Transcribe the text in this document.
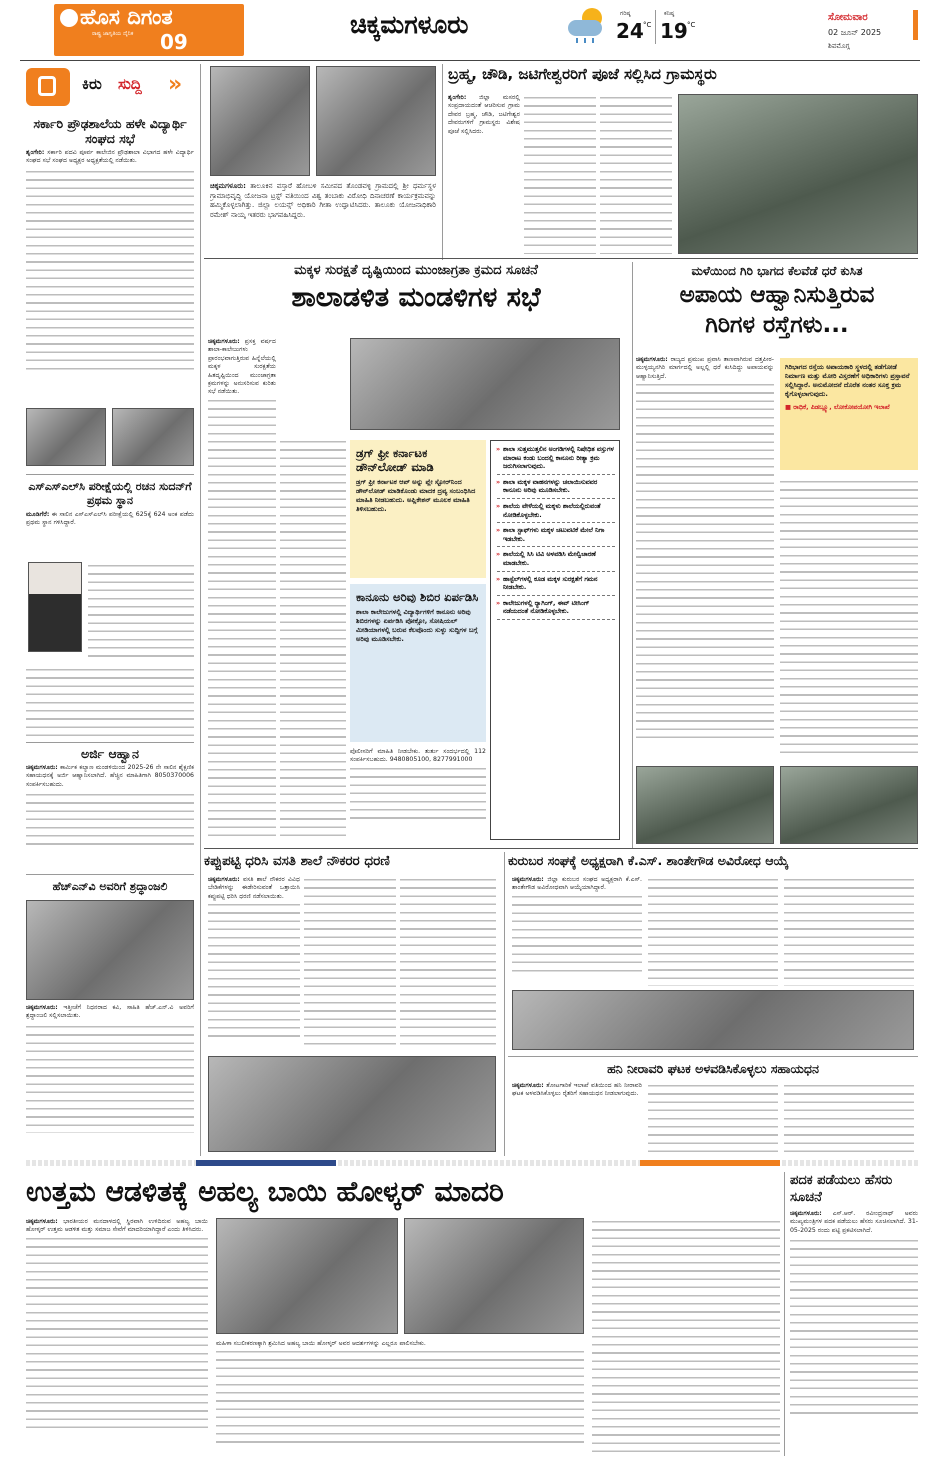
ಹೊಸ ದಿಗಂತ
ರಾಷ್ಟ್ರ ಜಾಗೃತಿಯ ದೈನಿಕ 09
ಚಿಕ್ಕಮಗಳೂರು	ಗರಿಷ್ಠ
24 °C
ಕನಿಷ್ಠ
19 °C
ಸೋಮವಾರ
02 ಜೂನ್ 2025
ಶಿವಮೊಗ್ಗ
ಕಿರು ಸುದ್ದಿ »
ಸರ್ಕಾರಿ ಪ್ರೌಢಶಾಲೆಯ ಹಳೇ ವಿದ್ಯಾರ್ಥಿ ಸಂಘದ ಸಭೆ
ಶೃಂಗೇರಿ: ಸರ್ಕಾರಿ ಪದವಿ ಪೂರ್ವ ಕಾಲೇಜಿನ ಪ್ರೌಢಶಾಲಾ ವಿಭಾಗದ ಹಳೇ ವಿದ್ಯಾರ್ಥಿ ಸಂಘದ ಸಭೆ ಸಂಘದ ಅಧ್ಯಕ್ಷರ ಅಧ್ಯಕ್ಷತೆಯಲ್ಲಿ ನಡೆಯಿತು.
ಎಸ್‌ಎಸ್‌ಎಲ್‌ಸಿ ಪರೀಕ್ಷೆಯಲ್ಲಿ ರಚನ ಸುದನ್‌ಗೆ ಪ್ರಥಮ ಸ್ಥಾನ
ಮೂಡಿಗೆರೆ: ಈ ಸಾಲಿನ ಎಸ್‌ಎಸ್‌ಎಲ್‌ಸಿ ಪರೀಕ್ಷೆಯಲ್ಲಿ 625ಕ್ಕೆ 624 ಅಂಕ ಪಡೆದು ಪ್ರಥಮ ಸ್ಥಾನ ಗಳಿಸಿದ್ದಾರೆ.
ಅರ್ಜಿ ಆಹ್ವಾನ
ಚಿಕ್ಕಮಗಳೂರು: ಕಾರ್ಮಿಕ ಕಲ್ಯಾಣ ಮಂಡಳಿಯಿಂದ 2025-26 ನೇ ಸಾಲಿನ ಶೈಕ್ಷಣಿಕ ಸಹಾಯಧನಕ್ಕೆ ಅರ್ಜಿ ಆಹ್ವಾನಿಸಲಾಗಿದೆ. ಹೆಚ್ಚಿನ ಮಾಹಿತಿಗಾಗಿ 8050370006 ಸಂಪರ್ಕಿಸಬಹುದು.
ಹೆಚ್‌ಎನ್‌ವಿ ಅವರಿಗೆ ಶ್ರದ್ಧಾಂಜಲಿ
ಚಿಕ್ಕಮಗಳೂರು: ಇತ್ತೀಚೆಗೆ ನಿಧನರಾದ ಕವಿ, ಸಾಹಿತಿ ಹೆಚ್.ಎನ್.ವಿ ಅವರಿಗೆ ಶ್ರದ್ಧಾಂಜಲಿ ಸಲ್ಲಿಸಲಾಯಿತು.
ಚಿಕ್ಕಮಗಳೂರು: ತಾಲೂಕಿನ ವಸ್ತಾರೆ ಹೋಬಳಿ ಸಮೀಪದ ತೊಂಡವಳ್ಳಿ ಗ್ರಾಮದಲ್ಲಿ ಶ್ರೀ ಧರ್ಮಸ್ಥಳ ಗ್ರಾಮಾಭಿವೃದ್ಧಿ ಯೋಜನಾ ಟ್ರಸ್ಟ್ ವತಿಯಿಂದ ವಿಶ್ವ ತಂಬಾಕು ವಿರೋಧಿ ದಿನಾಚರಣೆ ಕಾರ್ಯಕ್ರಮವನ್ನು ಹಮ್ಮಿಕೊಳ್ಳಲಾಗಿತ್ತು. ಜಿಲ್ಲಾ ಲಯನ್ಸ್ ಅಧಿಕಾರಿ ಗೀತಾ ಉದ್ಘಾಟಿಸಿದರು. ತಾಲೂಕು ಯೋಜನಾಧಿಕಾರಿ ರಮೇಶ್ ನಾಯ್ಕ ಇತರರು ಭಾಗವಹಿಸಿದ್ದರು.
ಬ್ರಹ್ಮ, ಚೌಡಿ, ಜಟಿಗೇಶ್ವರರಿಗೆ ಪೂಜೆ ಸಲ್ಲಿಸಿದ ಗ್ರಾಮಸ್ಥರು
ಶೃಂಗೇರಿ: ಜಿಲ್ಲಾ ಮಸರಲ್ಲಿ ಸಂಪ್ರದಾಯದಂತೆ ಆಚರಿಸುವ ಗ್ರಾಮ ದೇವರ ಬ್ರಹ್ಮ, ಚೌಡಿ, ಜಟಿಗೇಶ್ವರ ದೇವರುಗಳಿಗೆ ಗ್ರಾಮಸ್ಥರು ವಿಶೇಷ ಪೂಜೆ ಸಲ್ಲಿಸಿದರು.
ಮಕ್ಕಳ ಸುರಕ್ಷತೆ ದೃಷ್ಟಿಯಿಂದ ಮುಂಜಾಗ್ರತಾ ಕ್ರಮದ ಸೂಚನೆ
ಶಾಲಾಡಳಿತ ಮಂಡಳಿಗಳ ಸಭೆ
ಚಿಕ್ಕಮಗಳೂರು: ಪ್ರಸಕ್ತ ವರ್ಷದ ಶಾಲಾ-ಕಾಲೇಜುಗಳು ಪ್ರಾರಂಭವಾಗುತ್ತಿರುವ ಹಿನ್ನೆಲೆಯಲ್ಲಿ ಮಕ್ಕಳ ಸುರಕ್ಷತೆಯ ಹಿತದೃಷ್ಟಿಯಿಂದ ಮುಂಜಾಗ್ರತಾ ಕ್ರಮಗಳನ್ನು ಅನುಸರಿಸುವ ಕುರಿತು ಸಭೆ ನಡೆಯಿತು.
ಡ್ರಗ್ ಫ್ರೀ ಕರ್ನಾಟಕ ಡೌನ್‌ಲೋಡ್ ಮಾಡಿ
ಡ್ರಗ್ ಫ್ರೀ ಕರ್ನಾಟಕ ಆಪ್ ಅನ್ನು ಪ್ಲೇ ಸ್ಟೋರ್‌ನಿಂದ ಡೌನ್‌ಲೋಡ್ ಮಾಡಿಕೊಂಡು ಮಾದಕ ದ್ರವ್ಯ ಸಂಬಂಧಿಸಿದ ಮಾಹಿತಿ ನೀಡಬಹುದು. ಅಪ್ಲಿಕೇಶನ್ ಮೂಲಕ ಮಾಹಿತಿ ತಿಳಿಸಬಹುದು.
ಕಾನೂನು ಅರಿವು ಶಿಬಿರ ಏರ್ಪಡಿಸಿ
ಶಾಲಾ ಕಾಲೇಜುಗಳಲ್ಲಿ ವಿದ್ಯಾರ್ಥಿಗಳಿಗೆ ಕಾನೂನು ಅರಿವು ಶಿಬಿರಗಳನ್ನು ಏರ್ಪಡಿಸಿ ಪೋಕ್ಸೋ, ಸೋಷಿಯಲ್ ಮೀಡಿಯಾಗಳಲ್ಲಿ ಬರುವ ಕೆಲವೊಂದು ಸುಳ್ಳು ಸುದ್ದಿಗಳ ಬಗ್ಗೆ ಅರಿವು ಮೂಡಿಸಬೇಕು.
ಪೊಲೀಸರಿಗೆ ಮಾಹಿತಿ ನೀಡಬೇಕು. ತುರ್ತು ಸಂದರ್ಭದಲ್ಲಿ 112 ಸಂಪರ್ಕಿಸಬಹುದು. 9480805100, 8277991000
» ಶಾಲಾ ಸುತ್ತಮುತ್ತಲಿನ ಅಂಗಡಿಗಳಲ್ಲಿ ನಿಷೇಧಿತ ವಸ್ತುಗಳ ಮಾರಾಟ ಕಂಡು ಬಂದಲ್ಲಿ ಕಾನೂನು ರೀತ್ಯಾ ಕ್ರಮ ಜರುಗಿಸಲಾಗುವುದು.
» ಶಾಲಾ ಮಕ್ಕಳ ವಾಹನಗಳನ್ನು ಚಲಾಯಿಸುವವರ ಕಾನೂನು ಅರಿವು ಮೂಡಿಸಬೇಕು.
» ಶಾಲೆಯ ವೇಳೆಯಲ್ಲಿ ಮಕ್ಕಳು ಶಾಲೆಯಲ್ಲಿರುವಂತೆ ನೋಡಿಕೊಳ್ಳಬೇಕು.
» ಶಾಲಾ ಸ್ಟಾಫ್‌ಗಳು ಮಕ್ಕಳ ಚಟುವಟಿಕೆ ಮೇಲೆ ನಿಗಾ ಇಡಬೇಕು.
» ಶಾಲೆಯಲ್ಲಿ ಸಿಸಿ ಟಿವಿ ಅಳವಡಿಸಿ ಮೇಲ್ವಿಚಾರಣೆ ಮಾಡಬೇಕು.
» ಹಾಸ್ಟೆಲ್‌ಗಳಲ್ಲಿ ಕೂಡ ಮಕ್ಕಳ ಸುರಕ್ಷತೆಗೆ ಗಮನ ನೀಡಬೇಕು.
» ಕಾಲೇಜುಗಳಲ್ಲಿ ರ‍್ಯಾಗಿಂಗ್, ಈವ್ ಟೀಸಿಂಗ್ ನಡೆಯದಂತೆ ನೋಡಿಕೊಳ್ಳಬೇಕು.
ಮಳೆಯಿಂದ ಗಿರಿ ಭಾಗದ ಕೆಲವೆಡೆ ಧರೆ ಕುಸಿತ
ಅಪಾಯ ಆಹ್ವಾನಿಸುತ್ತಿರುವ
ಗಿರಿಗಳ ರಸ್ತೆಗಳು...
ಚಿಕ್ಕಮಗಳೂರು: ರಾಜ್ಯದ ಪ್ರಮುಖ ಪ್ರವಾಸಿ ತಾಣವಾಗಿರುವ ದತ್ತಪೀಠ-ಮುಳ್ಳಯ್ಯನಗಿರಿ ಮಾರ್ಗದಲ್ಲಿ ಅಲ್ಲಲ್ಲಿ ಧರೆ ಕುಸಿದಿದ್ದು ಅಪಾಯವನ್ನು ಆಹ್ವಾನಿಸುತ್ತಿದೆ.
ಗಿರಿಭಾಗದ ರಸ್ತೆಯ ಅಪಾಯಕಾರಿ ಸ್ಥಳದಲ್ಲಿ ತಡೆಗೋಡೆ ನಿರ್ಮಾಣ ಮತ್ತು ಮೋರಿ ವಿಸ್ತರಣೆಗೆ ಅಧಿಕಾರಿಗಳು ಪ್ರಸ್ತಾವನೆ ಸಲ್ಲಿಸಿದ್ದಾರೆ. ಅನುಮೋದನೆ ದೊರೆತ ನಂತರ ಸೂಕ್ತ ಕ್ರಮ ಕೈಗೊಳ್ಳಲಾಗುವುದು.
■ ರಾಧಿಕೆ, ಪಿಡಬ್ಲ್ಯೂ, ಲೋಕೋಪಯೋಗಿ ಇಲಾಖೆ
ಕಪ್ಪುಪಟ್ಟಿ ಧರಿಸಿ ವಸತಿ ಶಾಲೆ ನೌಕರರ ಧರಣಿ
ಚಿಕ್ಕಮಗಳೂರು: ವಸತಿ ಶಾಲೆ ನೌಕರರ ವಿವಿಧ ಬೇಡಿಕೆಗಳನ್ನು ಈಡೇರಿಸುವಂತೆ ಒತ್ತಾಯಿಸಿ ಕಪ್ಪುಪಟ್ಟಿ ಧರಿಸಿ ಧರಣಿ ನಡೆಸಲಾಯಿತು.
ಕುರುಬರ ಸಂಘಕ್ಕೆ ಅಧ್ಯಕ್ಷರಾಗಿ ಕೆ.ಎಸ್. ಶಾಂತೇಗೌಡ ಅವಿರೋಧ ಆಯ್ಕೆ
ಚಿಕ್ಕಮಗಳೂರು: ಜಿಲ್ಲಾ ಕುರುಬರ ಸಂಘದ ಅಧ್ಯಕ್ಷರಾಗಿ ಕೆ.ಎಸ್. ಶಾಂತೇಗೌಡ ಅವಿರೋಧವಾಗಿ ಆಯ್ಕೆಯಾಗಿದ್ದಾರೆ.
ಹನಿ ನೀರಾವರಿ ಘಟಕ ಅಳವಡಿಸಿಕೊಳ್ಳಲು ಸಹಾಯಧನ
ಚಿಕ್ಕಮಗಳೂರು: ತೋಟಗಾರಿಕೆ ಇಲಾಖೆ ವತಿಯಿಂದ ಹನಿ ನೀರಾವರಿ ಘಟಕ ಅಳವಡಿಸಿಕೊಳ್ಳಲು ರೈತರಿಗೆ ಸಹಾಯಧನ ನೀಡಲಾಗುವುದು.
ಉತ್ತಮ ಆಡಳಿತಕ್ಕೆ ಅಹಲ್ಯ ಬಾಯಿ ಹೋಳ್ಕರ್ ಮಾದರಿ
ಚಿಕ್ಕಮಗಳೂರು: ಭಾರತೀಯರ ಮನದಾಳದಲ್ಲಿ ಸ್ಥಿರವಾಗಿ ಉಳಿದಿರುವ ಅಹಲ್ಯ ಬಾಯಿ ಹೋಳ್ಕರ್ ಉತ್ತಮ ಆಡಳಿತ ಮತ್ತು ಸಮಾಜ ಸೇವೆಗೆ ಮಾದರಿಯಾಗಿದ್ದಾರೆ ಎಂದು ತಿಳಿಸಿದರು.
ಮಹಿಳಾ ಸಬಲೀಕರಣಕ್ಕಾಗಿ ಶ್ರಮಿಸಿದ ಅಹಲ್ಯ ಬಾಯಿ ಹೋಳ್ಕರ್ ಅವರ ಆದರ್ಶಗಳನ್ನು ಎಲ್ಲರೂ ಪಾಲಿಸಬೇಕು.
ಪದಕ ಪಡೆಯಲು ಹೆಸರು ಸೂಚನೆ
ಚಿಕ್ಕಮಗಳೂರು: ಎಸ್.ಆರ್. ರವೀಂದ್ರನಾಥ್ ಅವರು ಮುಖ್ಯಮಂತ್ರಿಗಳ ಪದಕ ಪಡೆಯಲು ಹೆಸರು ಸೂಚಿಸಲಾಗಿದೆ. 31-05-2025 ರಂದು ಪಟ್ಟಿ ಪ್ರಕಟಿಸಲಾಗಿದೆ.
